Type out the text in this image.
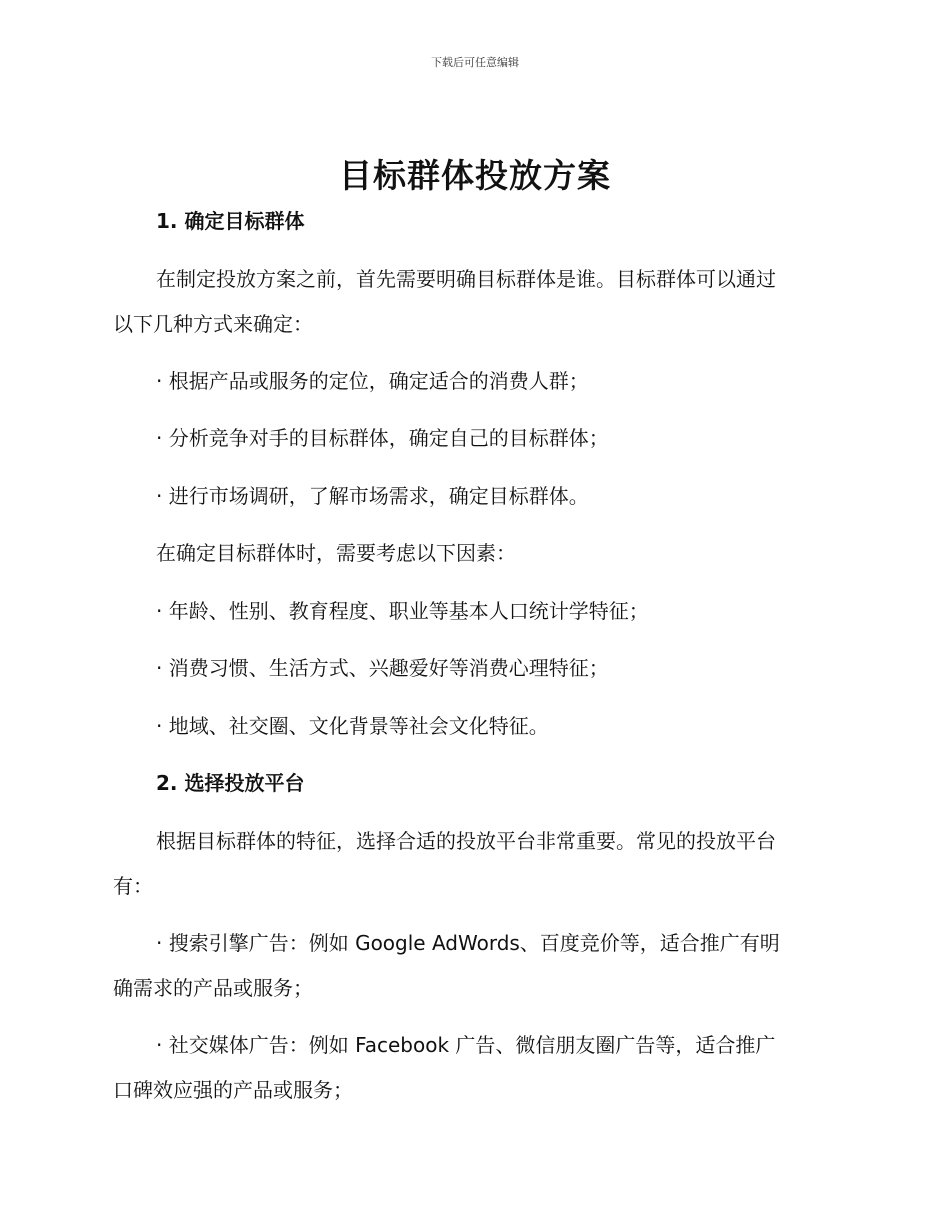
下载后可任意编辑
目标群体投放方案
1. 确定目标群体
在制定投放方案之前，首先需要明确目标群体是谁。目标群体可以通过
以下几种方式来确定：
· 根据产品或服务的定位，确定适合的消费人群；
· 分析竞争对手的目标群体，确定自己的目标群体；
· 进行市场调研，了解市场需求，确定目标群体。
在确定目标群体时，需要考虑以下因素：
· 年龄、性别、教育程度、职业等基本人口统计学特征；
· 消费习惯、生活方式、兴趣爱好等消费心理特征；
· 地域、社交圈、文化背景等社会文化特征。
2. 选择投放平台
根据目标群体的特征，选择合适的投放平台非常重要。常见的投放平台
有：
· 搜索引擎广告：例如 Google AdWords、百度竞价等，适合推广有明
确需求的产品或服务；
· 社交媒体广告：例如 Facebook 广告、微信朋友圈广告等，适合推广
口碑效应强的产品或服务；
